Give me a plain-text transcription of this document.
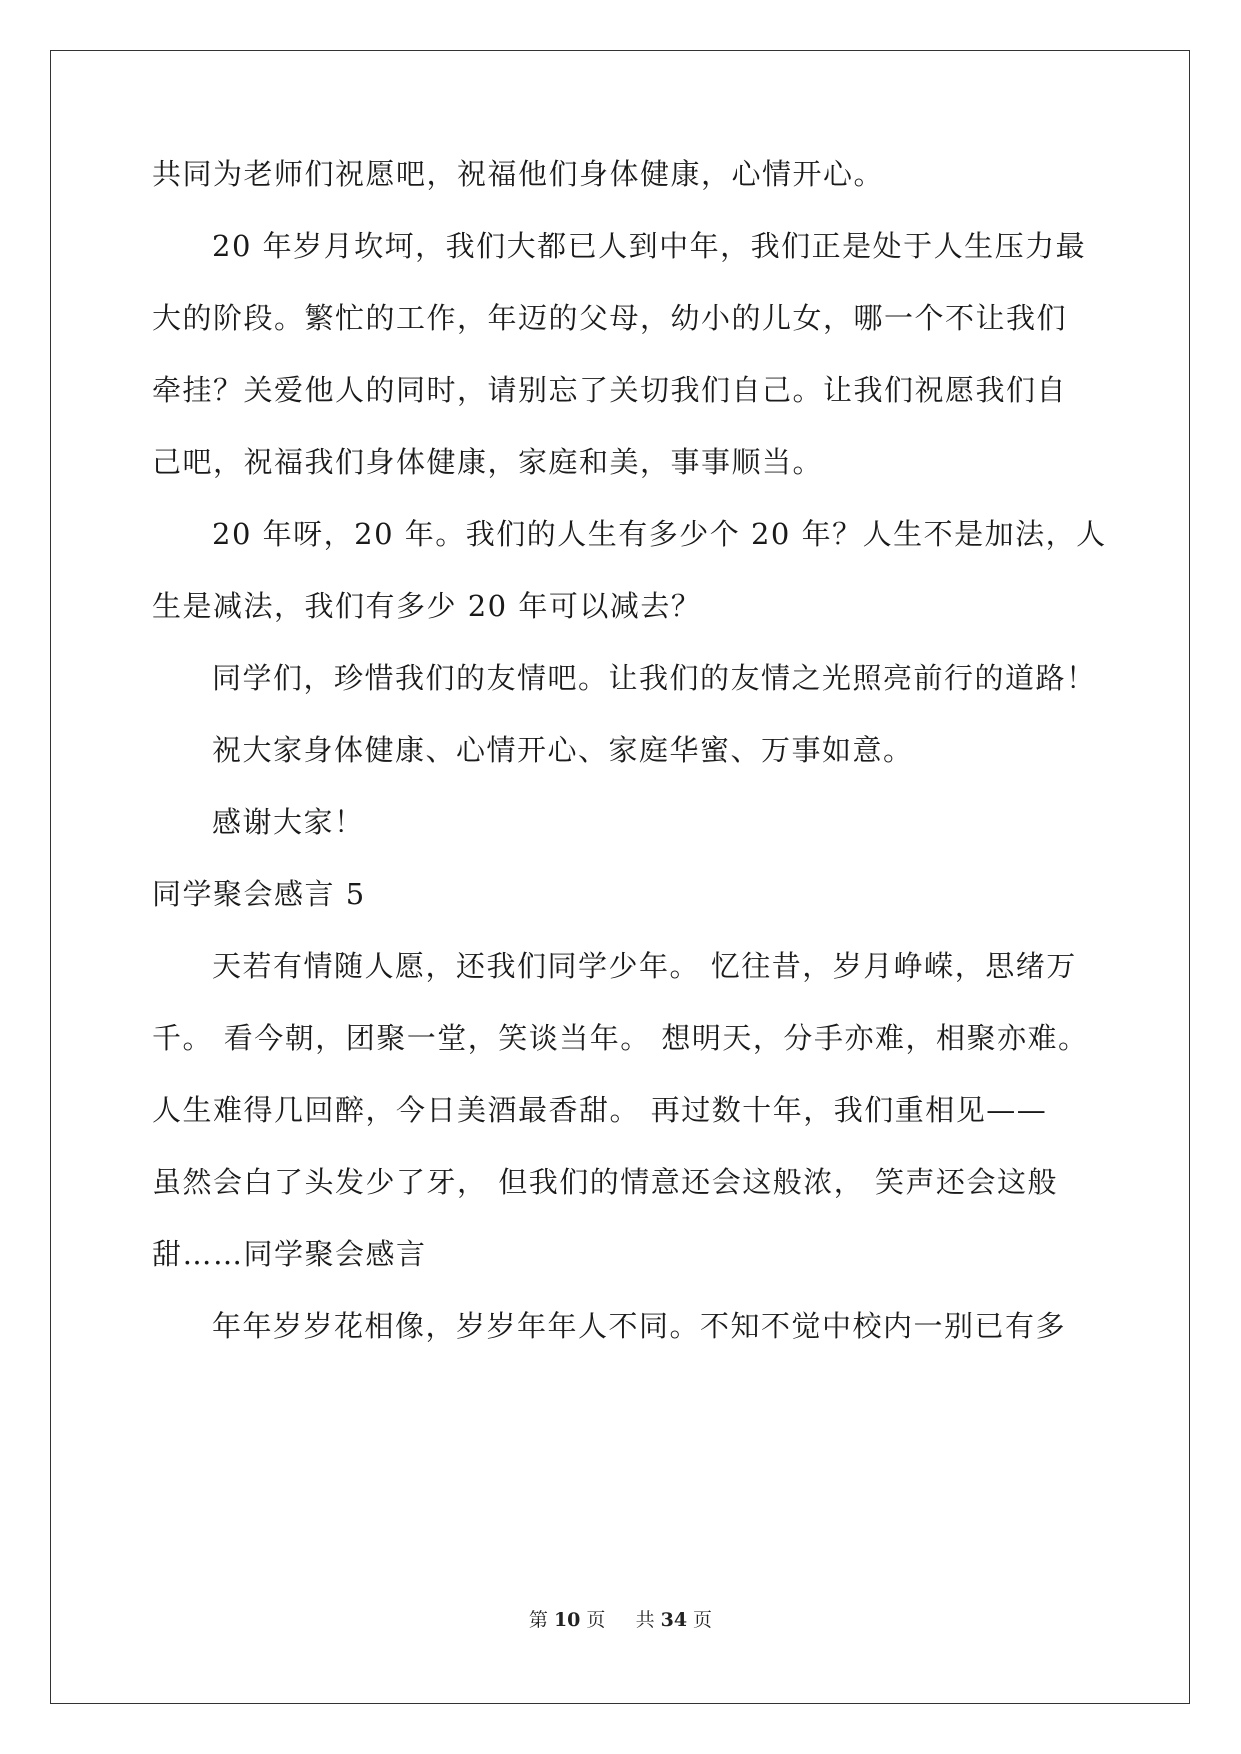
共同为老师们祝愿吧，祝福他们身体健康，心情开心。
20 年岁月坎坷，我们大都已人到中年，我们正是处于人生压力最
大的阶段。繁忙的工作，年迈的父母，幼小的儿女，哪一个不让我们
牵挂？关爱他人的同时，请别忘了关切我们自己。让我们祝愿我们自
己吧，祝福我们身体健康，家庭和美，事事顺当。
20 年呀，20 年。我们的人生有多少个 20 年？人生不是加法，人
生是减法，我们有多少 20 年可以减去？
同学们，珍惜我们的友情吧。让我们的友情之光照亮前行的道路！
祝大家身体健康、心情开心、家庭华蜜、万事如意。
感谢大家！
同学聚会感言 5
天若有情随人愿，还我们同学少年。 忆往昔，岁月峥嵘，思绪万
千。 看今朝，团聚一堂，笑谈当年。 想明天，分手亦难，相聚亦难。
人生难得几回醉，今日美酒最香甜。 再过数十年，我们重相见——
虽然会白了头发少了牙， 但我们的情意还会这般浓， 笑声还会这般
甜……同学聚会感言
年年岁岁花相像，岁岁年年人不同。不知不觉中校内一别已有多
第 10 页 共 34 页
